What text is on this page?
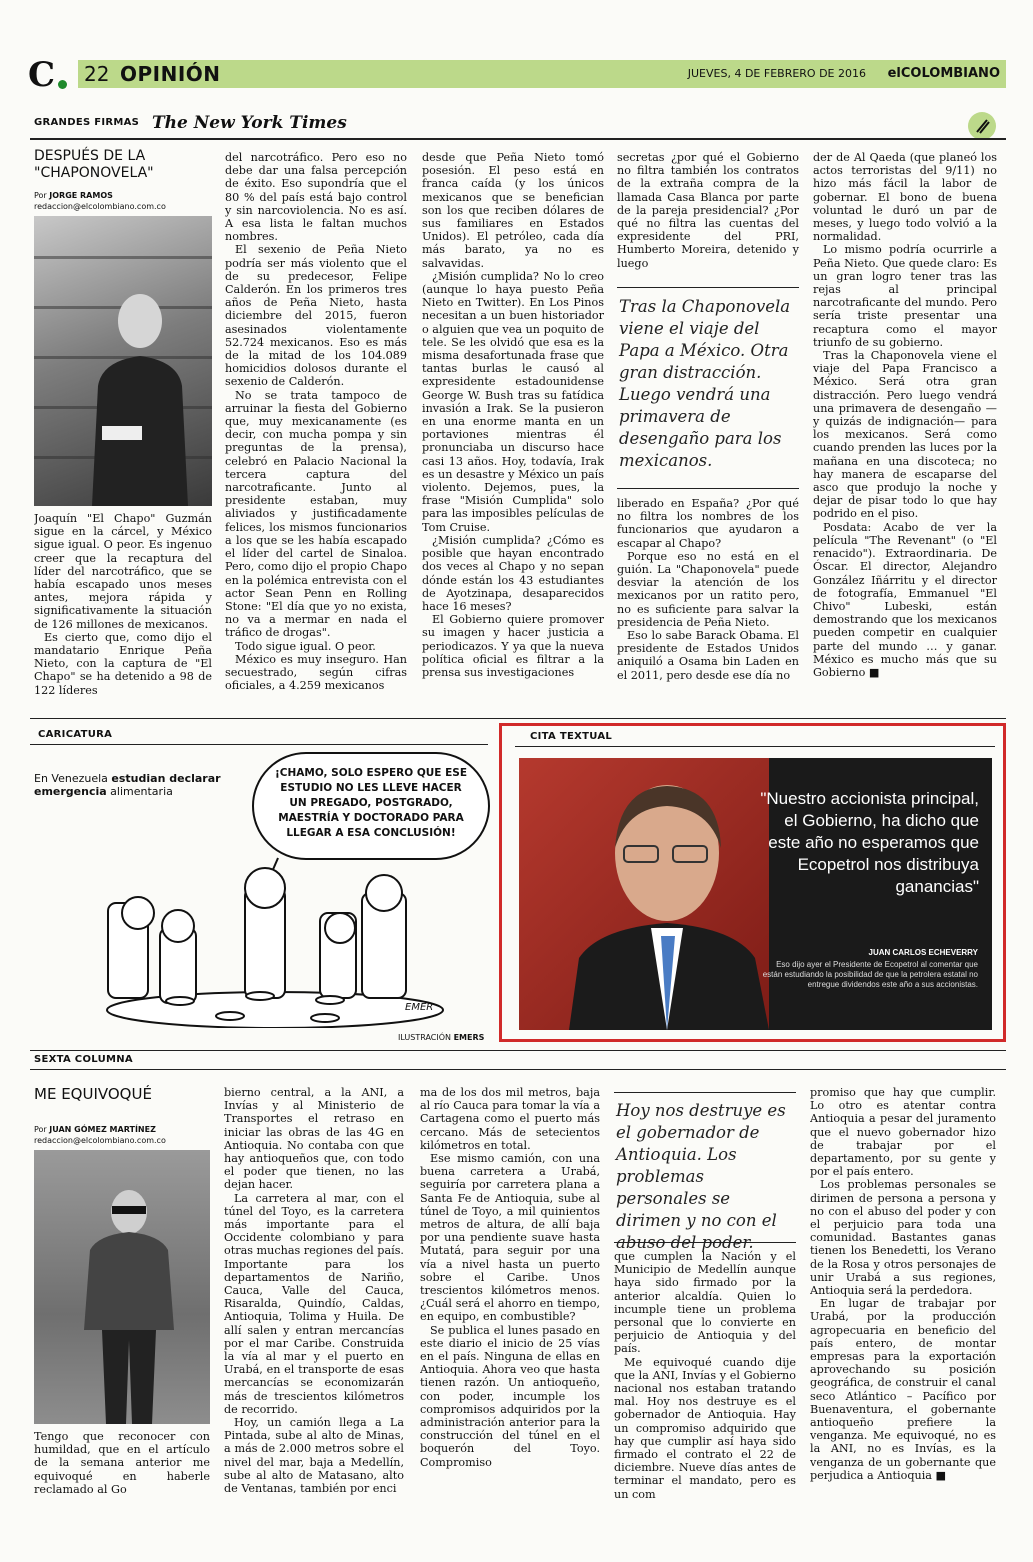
C 22 OPINIÓN	JUEVES, 4 DE FEBRERO DE 2016 elCOLOMBIANO
GRANDES FIRMAS The New York Times
DESPUÉS DE LA "CHAPONOVELA"
Por JORGE RAMOS
redaccion@elcolombiano.com.co

Joaquín "El Chapo" Guzmán sigue en la cárcel, y México sigue igual. O peor. Es ingenuo creer que la recaptura del líder del narcotráfico, que se había escapado unos meses antes, mejora rápida y significativamente la situación de 126 millones de mexicanos.

Es cierto que, como dijo el mandatario Enrique Peña Nieto, con la captura de "El Chapo" se ha detenido a 98 de 122 líderes

del narcotráfico. Pero eso no debe dar una falsa percepción de éxito. Eso supondría que el 80 % del país está bajo control y sin narcoviolencia. No es así. A esa lista le faltan muchos nombres.

El sexenio de Peña Nieto podría ser más violento que el de su predecesor, Felipe Calderón. En los primeros tres años de Peña Nieto, hasta diciembre del 2015, fueron asesinados violentamente 52.724 mexicanos. Eso es más de la mitad de los 104.089 homicidios dolosos durante el sexenio de Calderón.

No se trata tampoco de arruinar la fiesta del Gobierno que, muy mexicanamente (es decir, con mucha pompa y sin preguntas de la prensa), celebró en Palacio Nacional la tercera captura del narcotraficante. Junto al presidente estaban, muy aliviados y justificadamente felices, los mismos funcionarios a los que se les había escapado el líder del cartel de Sinaloa. Pero, como dijo el propio Chapo en la polémica entrevista con el actor Sean Penn en Rolling Stone: "El día que yo no exista, no va a mermar en nada el tráfico de drogas".

Todo sigue igual. O peor.

México es muy inseguro. Han secuestrado, según cifras oficiales, a 4.259 mexicanos

desde que Peña Nieto tomó posesión. El peso está en franca caída (y los únicos mexicanos que se benefician son los que reciben dólares de sus familiares en Estados Unidos). El petróleo, cada día más barato, ya no es salvavidas.

¿Misión cumplida? No lo creo (aunque lo haya puesto Peña Nieto en Twitter). En Los Pinos necesitan a un buen historiador o alguien que vea un poquito de tele. Se les olvidó que esa es la misma desafortunada frase que tantas burlas le causó al expresidente estadounidense George W. Bush tras su fatídica invasión a Irak. Se la pusieron en una enorme manta en un portaviones mientras él pronunciaba un discurso hace casi 13 años. Hoy, todavía, Irak es un desastre y México un país violento. Dejemos, pues, la frase "Misión Cumplida" solo para las imposibles películas de Tom Cruise.

¿Misión cumplida? ¿Cómo es posible que hayan encontrado dos veces al Chapo y no sepan dónde están los 43 estudiantes de Ayotzinapa, desaparecidos hace 16 meses?

El Gobierno quiere promover su imagen y hacer justicia a periodicazos. Y ya que la nueva política oficial es filtrar a la prensa sus investigaciones

secretas ¿por qué el Gobierno no filtra también los contratos de la extraña compra de la llamada Casa Blanca por parte de la pareja presidencial? ¿Por qué no filtra las cuentas del expresidente del PRI, Humberto Moreira, detenido y luego

Tras la Chaponovela viene el viaje del Papa a México. Otra gran distracción. Luego vendrá una primavera de desengaño para los mexicanos.

liberado en España? ¿Por qué no filtra los nombres de los funcionarios que ayudaron a escapar al Chapo?

Porque eso no está en el guión. La "Chaponovela" puede desviar la atención de los mexicanos por un ratito pero, no es suficiente para salvar la presidencia de Peña Nieto.

Eso lo sabe Barack Obama. El presidente de Estados Unidos aniquiló a Osama bin Laden en el 2011, pero desde ese día no

der de Al Qaeda (que planeó los actos terroristas del 9/11) no hizo más fácil la labor de gobernar. El bono de buena voluntad le duró un par de meses, y luego todo volvió a la normalidad.

Lo mismo podría ocurrirle a Peña Nieto. Que quede claro: Es un gran logro tener tras las rejas al principal narcotraficante del mundo. Pero sería triste presentar una recaptura como el mayor triunfo de su gobierno.

Tras la Chaponovela viene el viaje del Papa Francisco a México. Será otra gran distracción. Pero luego vendrá una primavera de desengaño —y quizás de indignación— para los mexicanos. Será como cuando prenden las luces por la mañana en una discoteca; no hay manera de escaparse del asco que produjo la noche y dejar de pisar todo lo que hay podrido en el piso.

Posdata: Acabo de ver la película "The Revenant" (o "El renacido"). Extraordinaria. De Óscar. El director, Alejandro González Iñárritu y el director de fotografía, Emmanuel "El Chivo" Lubeski, están demostrando que los mexicanos pueden competir en cualquier parte del mundo … y ganar. México es mucho más que su Gobierno ■

CARICATURA
En Venezuela estudian declarar
emergencia alimentaria
¡CHAMO, SOLO ESPERO QUE ESE ESTUDIO NO LES LLEVE HACER UN PREGADO, POSTGRADO, MAESTRÍA Y DOCTORADO PARA LLEGAR A ESA CONCLUSIÓN!
EMER
ILUSTRACIÓN EMERS
CITA TEXTUAL
"Nuestro accionista principal, el Gobierno, ha dicho que este año no esperamos que Ecopetrol nos distribuya ganancias"
JUAN CARLOS ECHEVERRY
Eso dijo ayer el Presidente de Ecopetrol al comentar que están estudiando la posibilidad de que la petrolera estatal no entregue dividendos este año a sus accionistas.
SEXTA COLUMNA
ME EQUIVOQUÉ
Por JUAN GÓMEZ MARTÍNEZ
redaccion@elcolombiano.com.co

Tengo que reconocer con humildad, que en el artículo de la semana anterior me equivoqué en haberle reclamado al Go

bierno central, a la ANI, a Invías y al Ministerio de Transportes el retraso en iniciar las obras de las 4G en Antioquia. No contaba con que hay antioqueños que, con todo el poder que tienen, no las dejan hacer.

La carretera al mar, con el túnel del Toyo, es la carretera más importante para el Occidente colombiano y para otras muchas regiones del país. Importante para los departamentos de Nariño, Cauca, Valle del Cauca, Risaralda, Quindío, Caldas, Antioquia, Tolima y Huila. De allí salen y entran mercancías por el mar Caribe. Construida la vía al mar y el puerto en Urabá, en el transporte de esas mercancías se economizarán más de trescientos kilómetros de recorrido.

Hoy, un camión llega a La Pintada, sube al alto de Minas, a más de 2.000 metros sobre el nivel del mar, baja a Medellín, sube al alto de Matasano, alto de Ventanas, también por enci

ma de los dos mil metros, baja al río Cauca para tomar la vía a Cartagena como el puerto más cercano. Más de setecientos kilómetros en total.

Ese mismo camión, con una buena carretera a Urabá, seguiría por carretera plana a Santa Fe de Antioquia, sube al túnel de Toyo, a mil quinientos metros de altura, de allí baja por una pendiente suave hasta Mutatá, para seguir por una vía a nivel hasta un puerto sobre el Caribe. Unos trescientos kilómetros menos. ¿Cuál será el ahorro en tiempo, en equipo, en combustible?

Se publica el lunes pasado en este diario el inicio de 25 vías en el país. Ninguna de ellas en Antioquia. Ahora veo que hasta tienen razón. Un antioqueño, con poder, incumple los compromisos adquiridos por la administración anterior para la construcción del túnel en el boquerón del Toyo. Compromiso

Hoy nos destruye es el gobernador de Antioquia. Los problemas personales se dirimen y no con el abuso del poder.

que cumplen la Nación y el Municipio de Medellín aunque haya sido firmado por la anterior alcaldía. Quien lo incumple tiene un problema personal que lo convierte en perjuicio de Antioquia y del país.

Me equivoqué cuando dije que la ANI, Invías y el Gobierno nacional nos estaban tratando mal. Hoy nos destruye es el gobernador de Antioquia. Hay un compromiso adquirido que hay que cumplir así haya sido firmado el contrato el 22 de diciembre. Nueve días antes de terminar el mandato, pero es un com

promiso que hay que cumplir. Lo otro es atentar contra Antioquia a pesar del juramento que el nuevo gobernador hizo de trabajar por el departamento, por su gente y por el país entero.

Los problemas personales se dirimen de persona a persona y no con el abuso del poder y con el perjuicio para toda una comunidad. Bastantes ganas tienen los Benedetti, los Verano de la Rosa y otros personajes de unir Urabá a sus regiones, Antioquia será la perdedora.

En lugar de trabajar por Urabá, por la producción agropecuaria en beneficio del país entero, de montar empresas para la exportación aprovechando su posición geográfica, de construir el canal seco Atlántico – Pacífico por Buenaventura, el gobernante antioqueño prefiere la venganza. Me equivoqué, no es la ANI, no es Invías, es la venganza de un gobernante que perjudica a Antioquia ■
